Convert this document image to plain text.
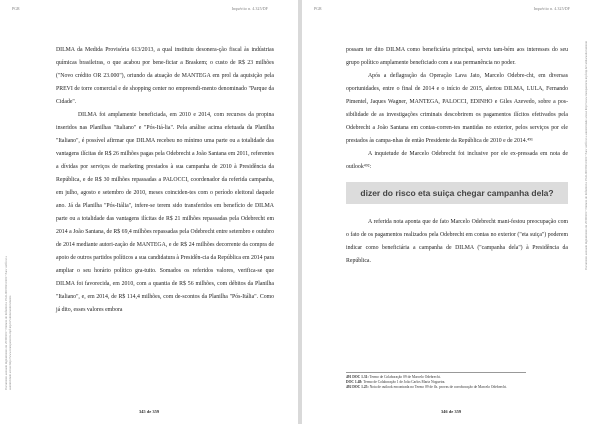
PGR	Inquérito n. 4.325/DF
Documento assinado digitalmente em 29/08/2017 Número de Referência: PGR-00199431/2017 Para verificar a autenticidade acesse http://www.transparencia.mpf.mp.br/validacaodocumento

DILMA da Medida Provisória 613/2013, a qual instituiu desonera-ção fiscal às indústrias químicas brasileiras, o que acabou por bene-ficiar a Braskem; o custo de R$ 23 milhões ("Novo crédito OR 23.000"), oriundo da atuação de MANTEGA em prol da aquisição pela PREVI de torre comercial e de shopping center no empreendi-mento denominado "Parque da Cidade".

DILMA foi amplamente beneficiada, em 2010 e 2014, com recursos da propina inseridos nas Planilhas "Italiano" e "Pós-Itá-lia". Pela análise acima efetuada da Planilha "Italiano", é possível afirmar que DILMA recebeu no mínimo uma parte ou a totalidade das vantagens ilícitas de R$ 26 milhões pagas pela Odebrecht a João Santana em 2011, referentes a dívidas por serviços de marketing prestados à sua campanha de 2010 à Presidência da República, e de R$ 30 milhões repassadas a PALOCCI, coordenador da referida campanha, em julho, agosto e setembro de 2010, meses coinciden-tes com o período eleitoral daquele ano. Já da Planilha "Pós-Itália", infere-se terem sido transferidos em benefício de DILMA parte ou a totalidade das vantagens ilícitas de R$ 21 milhões repassadas pela Odebrecht em 2014 a João Santana, de R$ 69,4 milhões repassadas pela Odebrecht entre setembro e outubro de 2014 mediante autori-zação de MANTEGA, e de R$ 24 milhões decorrente da compra de apoio de outros partidos políticos a sua candidatura à Presidên-cia da República em 2014 para ampliar o seu horário político gra-tuito. Somados os referidos valores, verifica-se que DILMA foi favorecida, em 2010, com a quantia de R$ 56 milhões, com débitos da Planilha "Italiano", e, em 2014, de R$ 114,4 milhões, com de-scontos da Planilha "Pós-Itália". Como já dito, esses valores embora

345 de 359
PGR	Inquérito n. 4.325/DF
Documento assinado digitalmente em 29/08/2017 Número de Referência: PGR-00199431/2017 Para verificar a autenticidade acesse http://www.transparencia.mpf.mp.br/validacaodocumento

possam ter dito DILMA como beneficiária principal, serviu tam-bém aos interesses do seu grupo político amplamente beneficiado com a sua permanência no poder.

Após a deflagração da Operação Lava Jato, Marcelo Odebre-cht, em diversas oportunidades, entre o final de 2014 e o início de 2015, alertou DILMA, LULA, Fernando Pimentel, Jaques Wagner, MANTEGA, PALOCCI, EDINHO e Giles Azevedo, sobre a pos-sibilidade de as investigações criminais descobrirem os pagamentos ilícitos efetivados pela Odebrecht a João Santana em contas-corren-tes mantidas no exterior, pelos serviços por ele prestados às campa-nhas de então Presidente da República de 2010 e de 2014.⁴⁹¹

A inquietude de Marcelo Odebrecht foi inclusive por ele ex-pressada em nota de outlook⁴⁹²:

dizer do risco eta suiça chegar campanha dela?

A referida nota aponta que de fato Marcelo Odebrecht mani-festou preocupação com o fato de os pagamentos realizados pela Odebrecht em contas no exterior ("eta suiça") poderem indicar como beneficiária a campanha de DILMA ("campanha dela") à Presidência da República.

491 DOC 1.31: Termo de Colaboração 09 de Marcelo Odebrecht.
DOC 1.48: Termo de Colaboração 1 de João Carlos Mariz Nogueira.
492 DOC 1.25: Nota de outlook encontrada no Termo 09 de fls. provas de corroboração de Marcelo Odebrecht.
346 de 359
